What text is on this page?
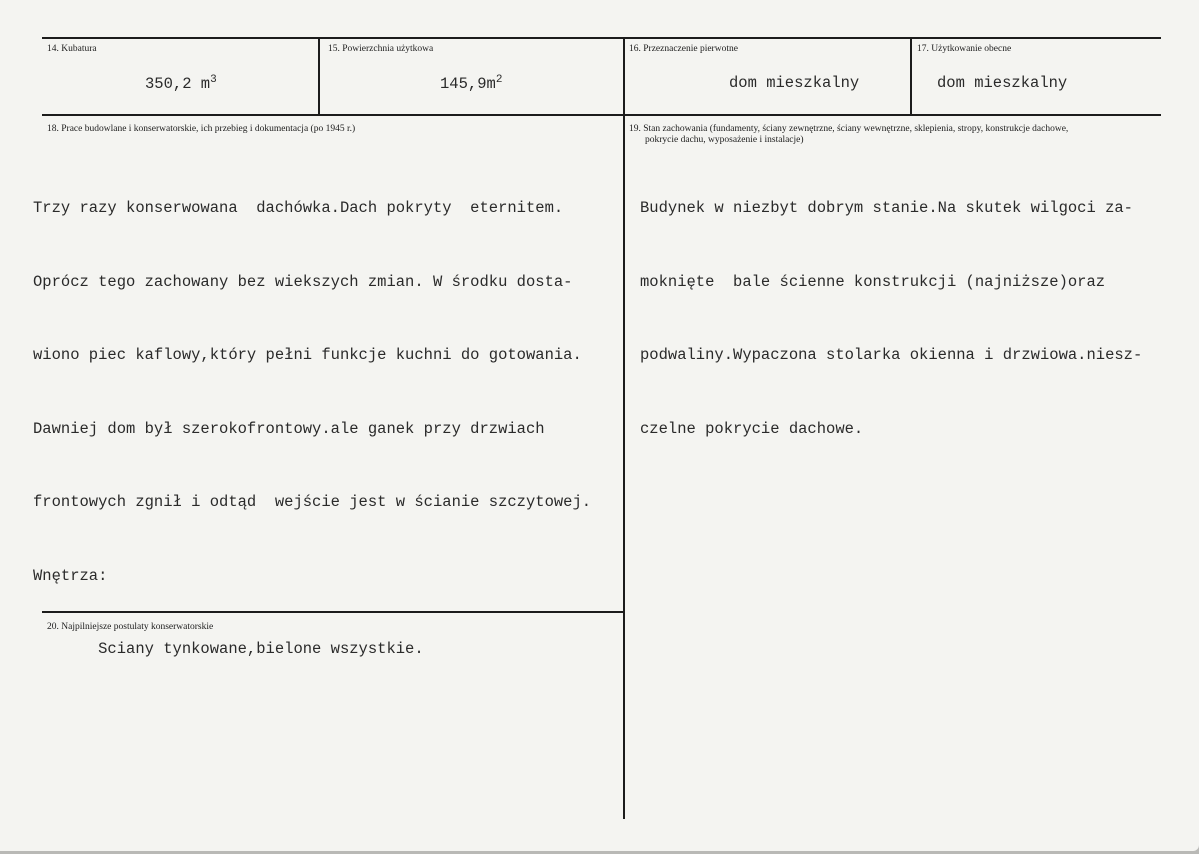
14. Kubatura
350,2 $m^3$
15. Powierzchnia użytkowa
$145,9m^2$
16. Przeznaczenie pierwotne
dom mieszkalny
17. Użytkowanie obecne
dom mieszkalny
18. Prace budowlane i konserwatorskie, ich przebieg i dokumentacja (po 1945 r.)

Trzy razy konserwowana  dachówka.Dach pokryty  eternitem.

Oprócz tego zachowany bez wiekszych zmian. W środku dosta-

wiono piec kaflowy,który pełni funkcje kuchni do gotowania.

Dawniej dom był szerokofrontowy.ale ganek przy drzwiach

frontowych zgnił i odtąd  wejście jest w ścianie szczytowej.

Wnętrza:

Sciany tynkowane,bielone wszystkie.

19. Stan zachowania (fundamenty, ściany zewnętrzne, ściany wewnętrzne, sklepienia, stropy, konstrukcje dachowe,
pokrycie dachu, wyposażenie i instalacje)

Budynek w niezbyt dobrym stanie.Na skutek wilgoci za-

moknięte  bale ścienne konstrukcji (najniższe)oraz

podwaliny.Wypaczona stolarka okienna i drzwiowa.niesz-

czelne pokrycie dachowe.

20. Najpilniejsze postulaty konserwatorskie
